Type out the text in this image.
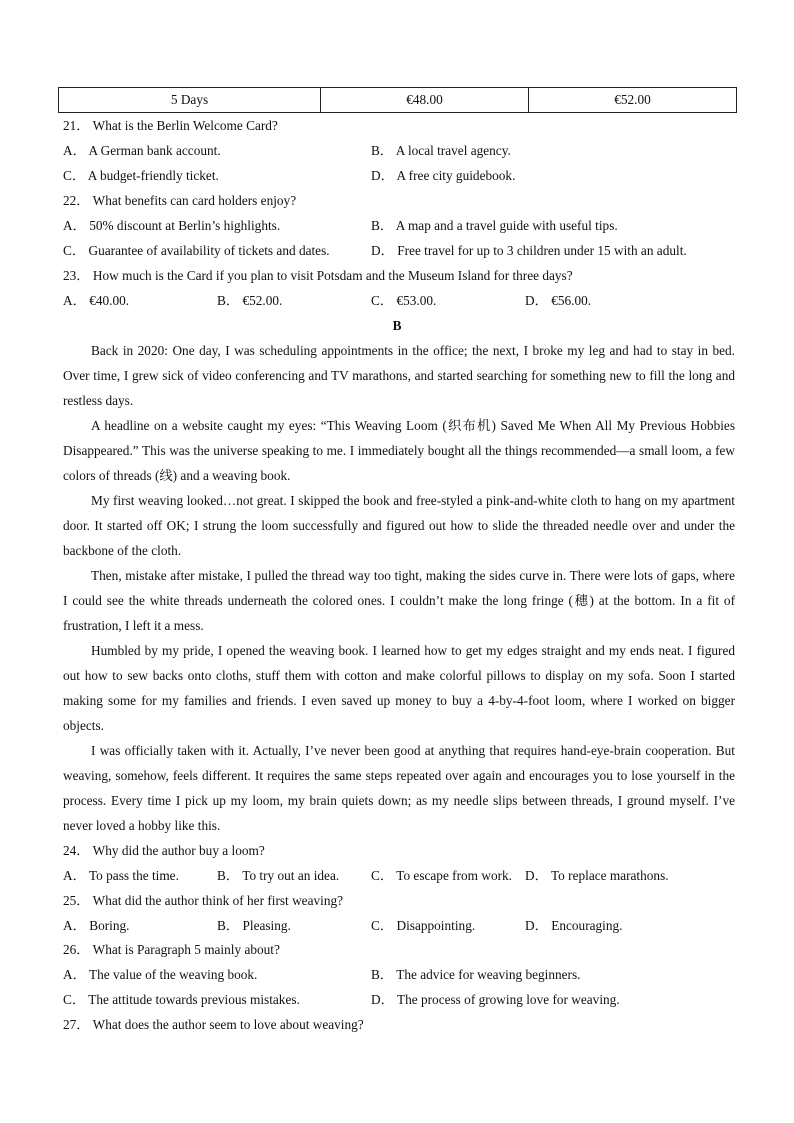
5 Days	€48.00	€52.00
21． What is the Berlin Welcome Card?
A． A German bank account.	B． A local travel agency.
C． A budget-friendly ticket.	D． A free city guidebook.
22． What benefits can card holders enjoy?
A． 50% discount at Berlin’s highlights.	B． A map and a travel guide with useful tips.
C． Guarantee of availability of tickets and dates.	D． Free travel for up to 3 children under 15 with an adult.
23． How much is the Card if you plan to visit Potsdam and the Museum Island for three days?
A． €40.00.	B． €52.00.	C． €53.00.	D． €56.00.
B
Back in 2020: One day, I was scheduling appointments in the office; the next, I broke my leg and had to stay in bed. Over time, I grew sick of video conferencing and TV marathons, and started searching for something new to fill the long and restless days.
A headline on a website caught my eyes: “This Weaving Loom (织布机) Saved Me When All My Previous Hobbies Disappeared.” This was the universe speaking to me. I immediately bought all the things recommended—a small loom, a few colors of threads (线) and a weaving book.
My first weaving looked…not great. I skipped the book and free-styled a pink-and-white cloth to hang on my apartment door. It started off OK; I strung the loom successfully and figured out how to slide the threaded needle over and under the backbone of the cloth.
Then, mistake after mistake, I pulled the thread way too tight, making the sides curve in. There were lots of gaps, where I could see the white threads underneath the colored ones. I couldn’t make the long fringe (穗) at the bottom. In a fit of frustration, I left it a mess.
Humbled by my pride, I opened the weaving book. I learned how to get my edges straight and my ends neat. I figured out how to sew backs onto cloths, stuff them with cotton and make colorful pillows to display on my sofa. Soon I started making some for my families and friends. I even saved up money to buy a 4-by-4-foot loom, where I worked on bigger objects.
I was officially taken with it. Actually, I’ve never been good at anything that requires hand-eye-brain cooperation. But weaving, somehow, feels different. It requires the same steps repeated over again and encourages you to lose yourself in the process. Every time I pick up my loom, my brain quiets down; as my needle slips between threads, I ground myself. I’ve never loved a hobby like this.
24． Why did the author buy a loom?
A． To pass the time.	B． To try out an idea. C． To escape from work. D． To replace marathons.
25． What did the author think of her first weaving?
A． Boring.	B． Pleasing.	C． Disappointing.	D． Encouraging.
26． What is Paragraph 5 mainly about?
A． The value of the weaving book.	B． The advice for weaving beginners.
C． The attitude towards previous mistakes.	D． The process of growing love for weaving.
27． What does the author seem to love about weaving?
